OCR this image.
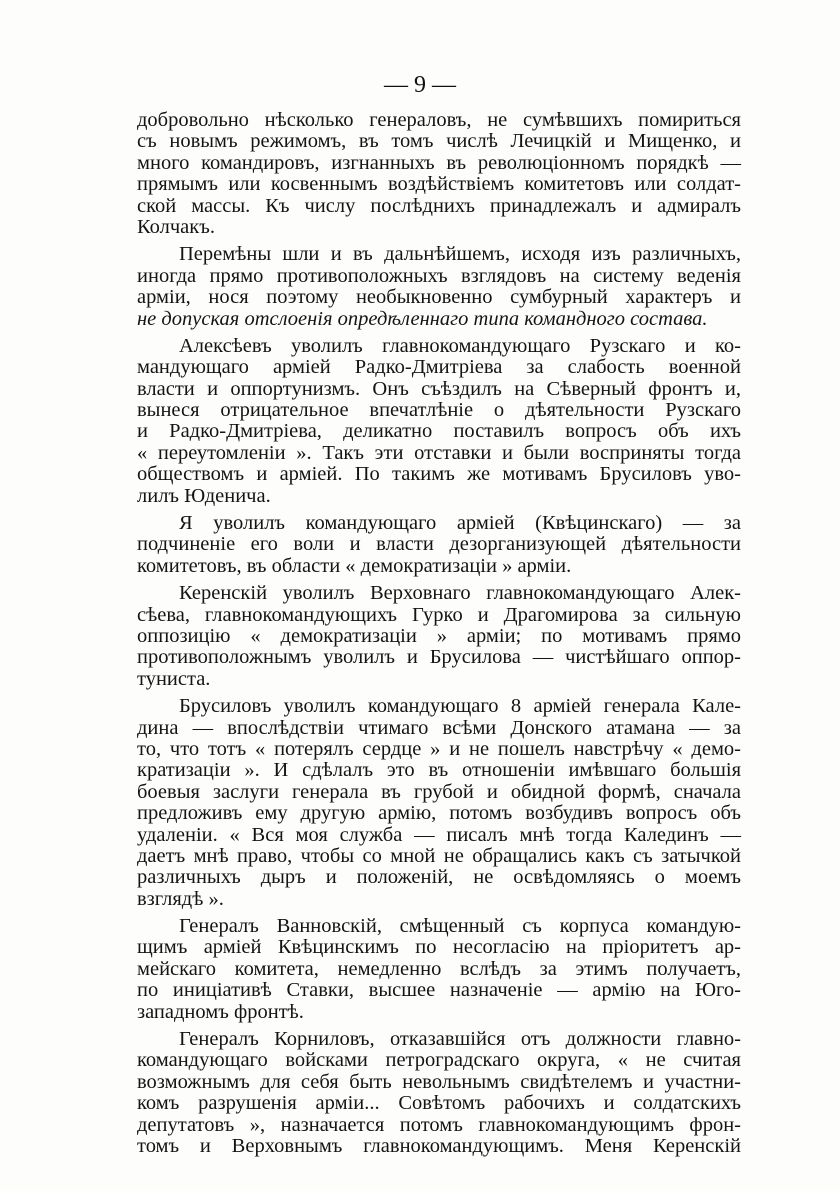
— 9 —
добровольно нѣсколько генераловъ, не сумѣвшихъ помириться
съ новымъ режимомъ, въ томъ числѣ Лечицкій и Мищенко, и
много командировъ, изгнанныхъ въ революціонномъ порядкѣ —
прямымъ или косвеннымъ воздѣйствіемъ комитетовъ или солдат-
ской массы. Къ числу послѣднихъ принадлежалъ и адмиралъ
Колчакъ.
Перемѣны шли и въ дальнѣйшемъ, исходя изъ различныхъ,
иногда прямо противоположныхъ взглядовъ на систему веденія
арміи, нося поэтому необыкновенно сумбурный характеръ и
не допуская отслоенія опредѣленнаго типа командного состава.
Алексѣевъ уволилъ главнокомандующаго Рузскаго и ко-
мандующаго арміей Радко-Дмитріева за слабость военной
власти и оппортунизмъ. Онъ съѣздилъ на Сѣверный фронтъ и,
вынеся отрицательное впечатлѣніе о дѣятельности Рузскаго
и Радко-Дмитріева, деликатно поставилъ вопросъ объ ихъ
« переутомленіи ». Такъ эти отставки и были восприняты тогда
обществомъ и арміей. По такимъ же мотивамъ Брусиловъ уво-
лилъ Юденича.
Я уволилъ командующаго арміей (Квѣцинскаго) — за
подчиненіе его воли и власти дезорганизующей дѣятельности
комитетовъ, въ области « демократизаціи » арміи.
Керенскій уволилъ Верховнаго главнокомандующаго Алек-
сѣева, главнокомандующихъ Гурко и Драгомирова за сильную
оппозицію « демократизаціи » арміи; по мотивамъ прямо
противоположнымъ уволилъ и Брусилова — чистѣйшаго оппор-
туниста.
Брусиловъ уволилъ командующаго 8 арміей генерала Кале-
дина — впослѣдствіи чтимаго всѣми Донского атамана — за
то, что тотъ « потерялъ сердце » и не пошелъ навстрѣчу « демо-
кратизаціи ». И сдѣлалъ это въ отношеніи имѣвшаго большія
боевыя заслуги генерала въ грубой и обидной формѣ, сначала
предложивъ ему другую армію, потомъ возбудивъ вопросъ объ
удаленіи. « Вся моя служба — писалъ мнѣ тогда Калединъ —
даетъ мнѣ право, чтобы со мной не обращались какъ съ затычкой
различныхъ дыръ и положеній, не освѣдомляясь о моемъ
взглядѣ ».
Генералъ Ванновскій, смѣщенный съ корпуса командую-
щимъ арміей Квѣцинскимъ по несогласію на пріоритетъ ар-
мейскаго комитета, немедленно вслѣдъ за этимъ получаетъ,
по иниціативѣ Ставки, высшее назначеніе — армію на Юго-
западномъ фронтѣ.
Генералъ Корниловъ, отказавшійся отъ должности главно-
командующаго войсками петроградскаго округа, « не считая
возможнымъ для себя быть невольнымъ свидѣтелемъ и участни-
комъ разрушенія арміи... Совѣтомъ рабочихъ и солдатскихъ
депутатовъ », назначается потомъ главнокомандующимъ фрон-
томъ и Верховнымъ главнокомандующимъ. Меня Керенскій
